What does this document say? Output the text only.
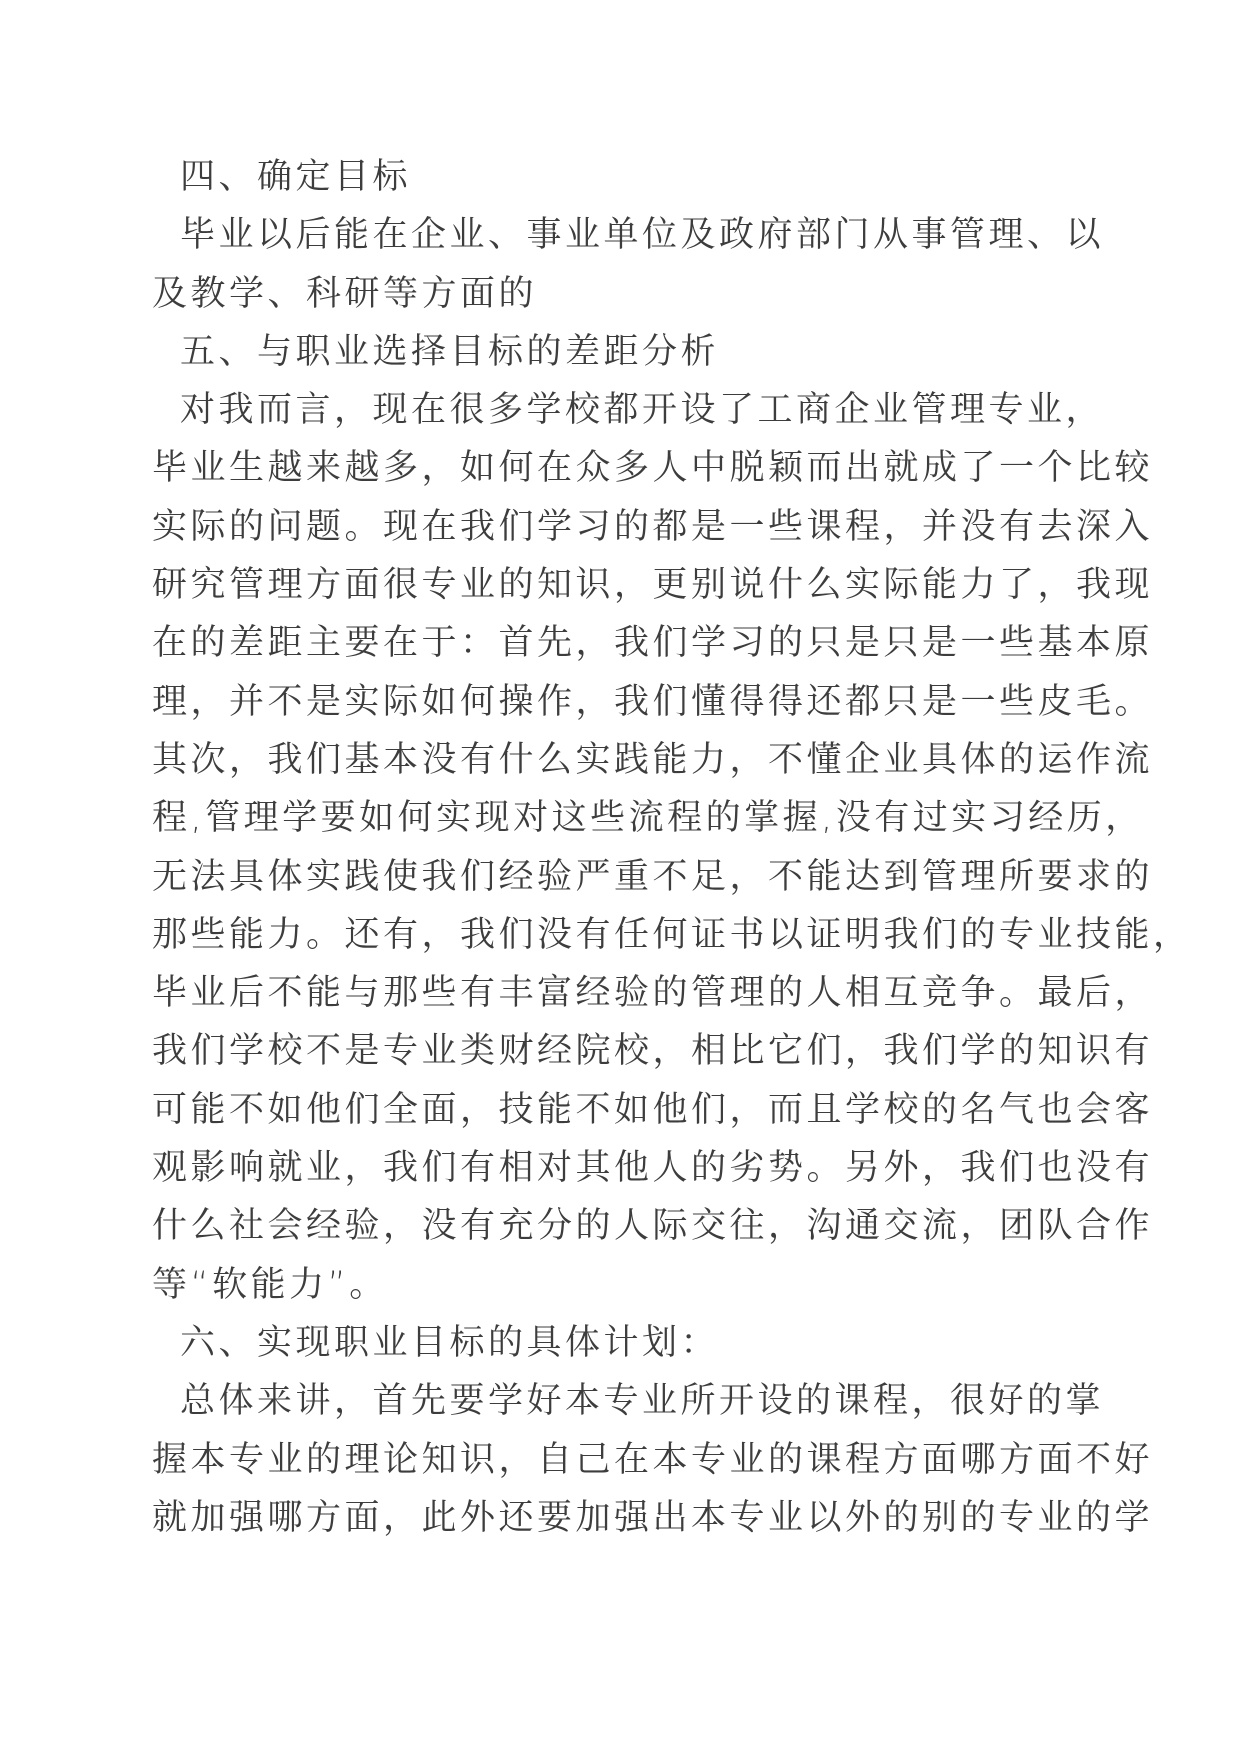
四、确定目标
毕业以后能在企业、事业单位及政府部门从事管理、以
及教学、科研等方面的
五、与职业选择目标的差距分析
对我而言，现在很多学校都开设了工商企业管理专业，
毕业生越来越多，如何在众多人中脱颖而出就成了一个比较
实际的问题。现在我们学习的都是一些课程，并没有去深入
研究管理方面很专业的知识，更别说什么实际能力了，我现
在的差距主要在于：首先，我们学习的只是只是一些基本原
理，并不是实际如何操作，我们懂得得还都只是一些皮毛。
其次，我们基本没有什么实践能力，不懂企业具体的运作流
程,管理学要如何实现对这些流程的掌握,没有过实习经历，
无法具体实践使我们经验严重不足，不能达到管理所要求的
那些能力。还有，我们没有任何证书以证明我们的专业技能，
毕业后不能与那些有丰富经验的管理的人相互竞争。最后，
我们学校不是专业类财经院校，相比它们，我们学的知识有
可能不如他们全面，技能不如他们，而且学校的名气也会客
观影响就业，我们有相对其他人的劣势。另外，我们也没有
什么社会经验，没有充分的人际交往，沟通交流，团队合作
等“软能力”。
六、实现职业目标的具体计划：
总体来讲，首先要学好本专业所开设的课程，很好的掌
握本专业的理论知识，自己在本专业的课程方面哪方面不好
就加强哪方面，此外还要加强出本专业以外的别的专业的学
